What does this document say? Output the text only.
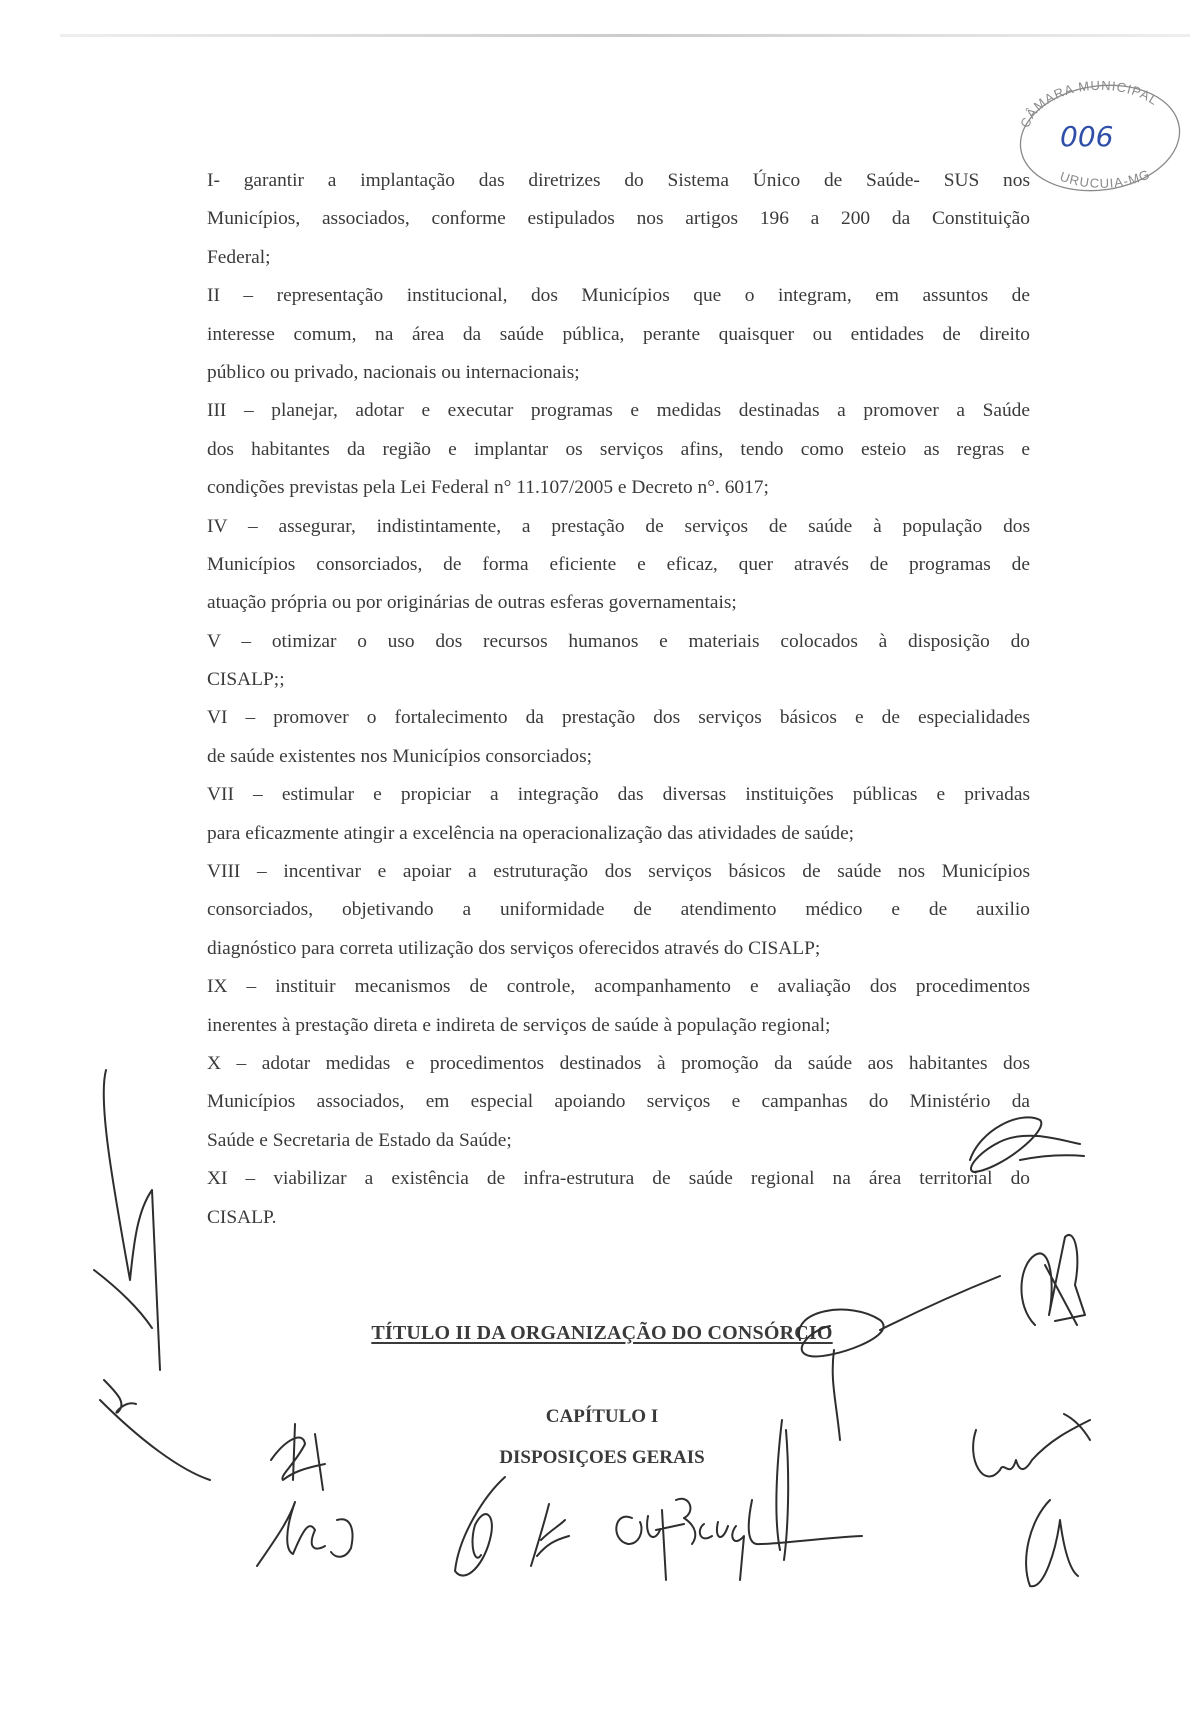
CÂMARA MUNICIPAL
URUCUIA-MG
006
I- garantir a implantação das diretrizes do Sistema Único de Saúde- SUS nos
Municípios, associados, conforme estipulados nos artigos 196 a 200 da Constituição
Federal;
II – representação institucional, dos Municípios que o integram, em assuntos de
interesse comum, na área da saúde pública, perante quaisquer ou entidades de direito
público ou privado, nacionais ou internacionais;
III – planejar, adotar e executar programas e medidas destinadas a promover a Saúde
dos habitantes da região e implantar os serviços afins, tendo como esteio as regras e
condições previstas pela Lei Federal n° 11.107/2005 e Decreto n°. 6017;
IV – assegurar, indistintamente, a prestação de serviços de saúde à população dos
Municípios consorciados, de forma eficiente e eficaz, quer através de programas de
atuação própria ou por originárias de outras esferas governamentais;
V – otimizar o uso dos recursos humanos e materiais colocados à disposição do
CISALP;;
VI – promover o fortalecimento da prestação dos serviços básicos e de especialidades
de saúde existentes nos Municípios consorciados;
VII – estimular e propiciar a integração das diversas instituições públicas e privadas
para eficazmente atingir a excelência na operacionalização das atividades de saúde;
VIII – incentivar e apoiar a estruturação dos serviços básicos de saúde nos Municípios
consorciados, objetivando a uniformidade de atendimento médico e de auxilio
diagnóstico para correta utilização dos serviços oferecidos através do CISALP;
IX – instituir mecanismos de controle, acompanhamento e avaliação dos procedimentos
inerentes à prestação direta e indireta de serviços de saúde à população regional;
X – adotar medidas e procedimentos destinados à promoção da saúde aos habitantes dos
Municípios associados, em especial apoiando serviços e campanhas do Ministério da
Saúde e Secretaria de Estado da Saúde;
XI – viabilizar a existência de infra-estrutura de saúde regional na área territorial do
CISALP.
TÍTULO II DA ORGANIZAÇÃO DO CONSÓRCIO
CAPÍTULO I
DISPOSIÇOES GERAIS
